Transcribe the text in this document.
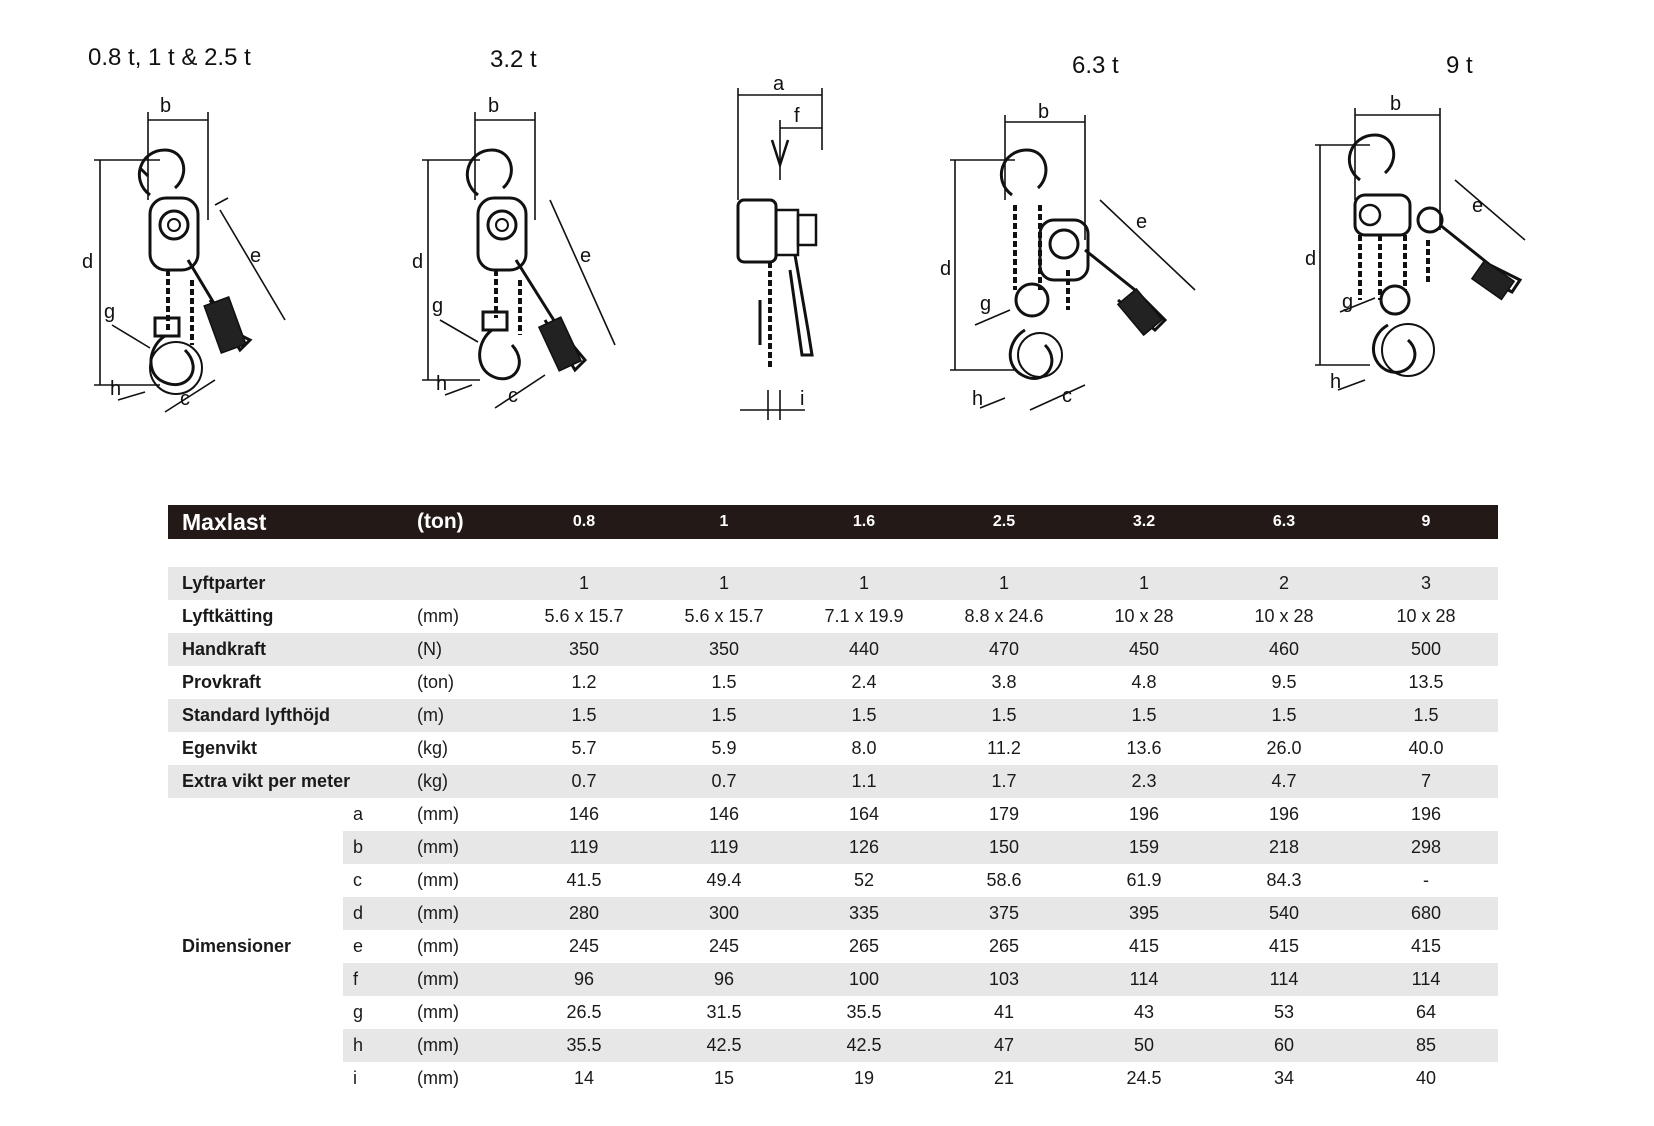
0.8 t, 1 t & 2.5 t	3.2 t	6.3 t	9 t
b
d	e
g
h	c
b
d	e
g
h
c
a
f
i
b
d
e
g
h	c
b
d
e
g
h
Maxlast		(ton)	0.8	1	1.6	2.5	3.2	6.3	9

Lyftparter			1	1	1	1	1	2	3
Lyftkätting		(mm)	5.6 x 15.7	5.6 x 15.7	7.1 x 19.9	8.8 x 24.6	10 x 28	10 x 28	10 x 28
Handkraft		(N)	350	350	440	470	450	460	500
Provkraft		(ton)	1.2	1.5	2.4	3.8	4.8	9.5	13.5
Standard lyfthöjd		(m)	1.5	1.5	1.5	1.5	1.5	1.5	1.5
Egenvikt		(kg)	5.7	5.9	8.0	11.2	13.6	26.0	40.0
Extra vikt per meter		(kg)	0.7	0.7	1.1	1.7	2.3	4.7	7
	a	(mm)	146	146	164	179	196	196	196
	b	(mm)	119	119	126	150	159	218	298
	c	(mm)	41.5	49.4	52	58.6	61.9	84.3	-
	d	(mm)	280	300	335	375	395	540	680
Dimensioner	e	(mm)	245	245	265	265	415	415	415
	f	(mm)	96	96	100	103	114	114	114
	g	(mm)	26.5	31.5	35.5	41	43	53	64
	h	(mm)	35.5	42.5	42.5	47	50	60	85
	i	(mm)	14	15	19	21	24.5	34	40
